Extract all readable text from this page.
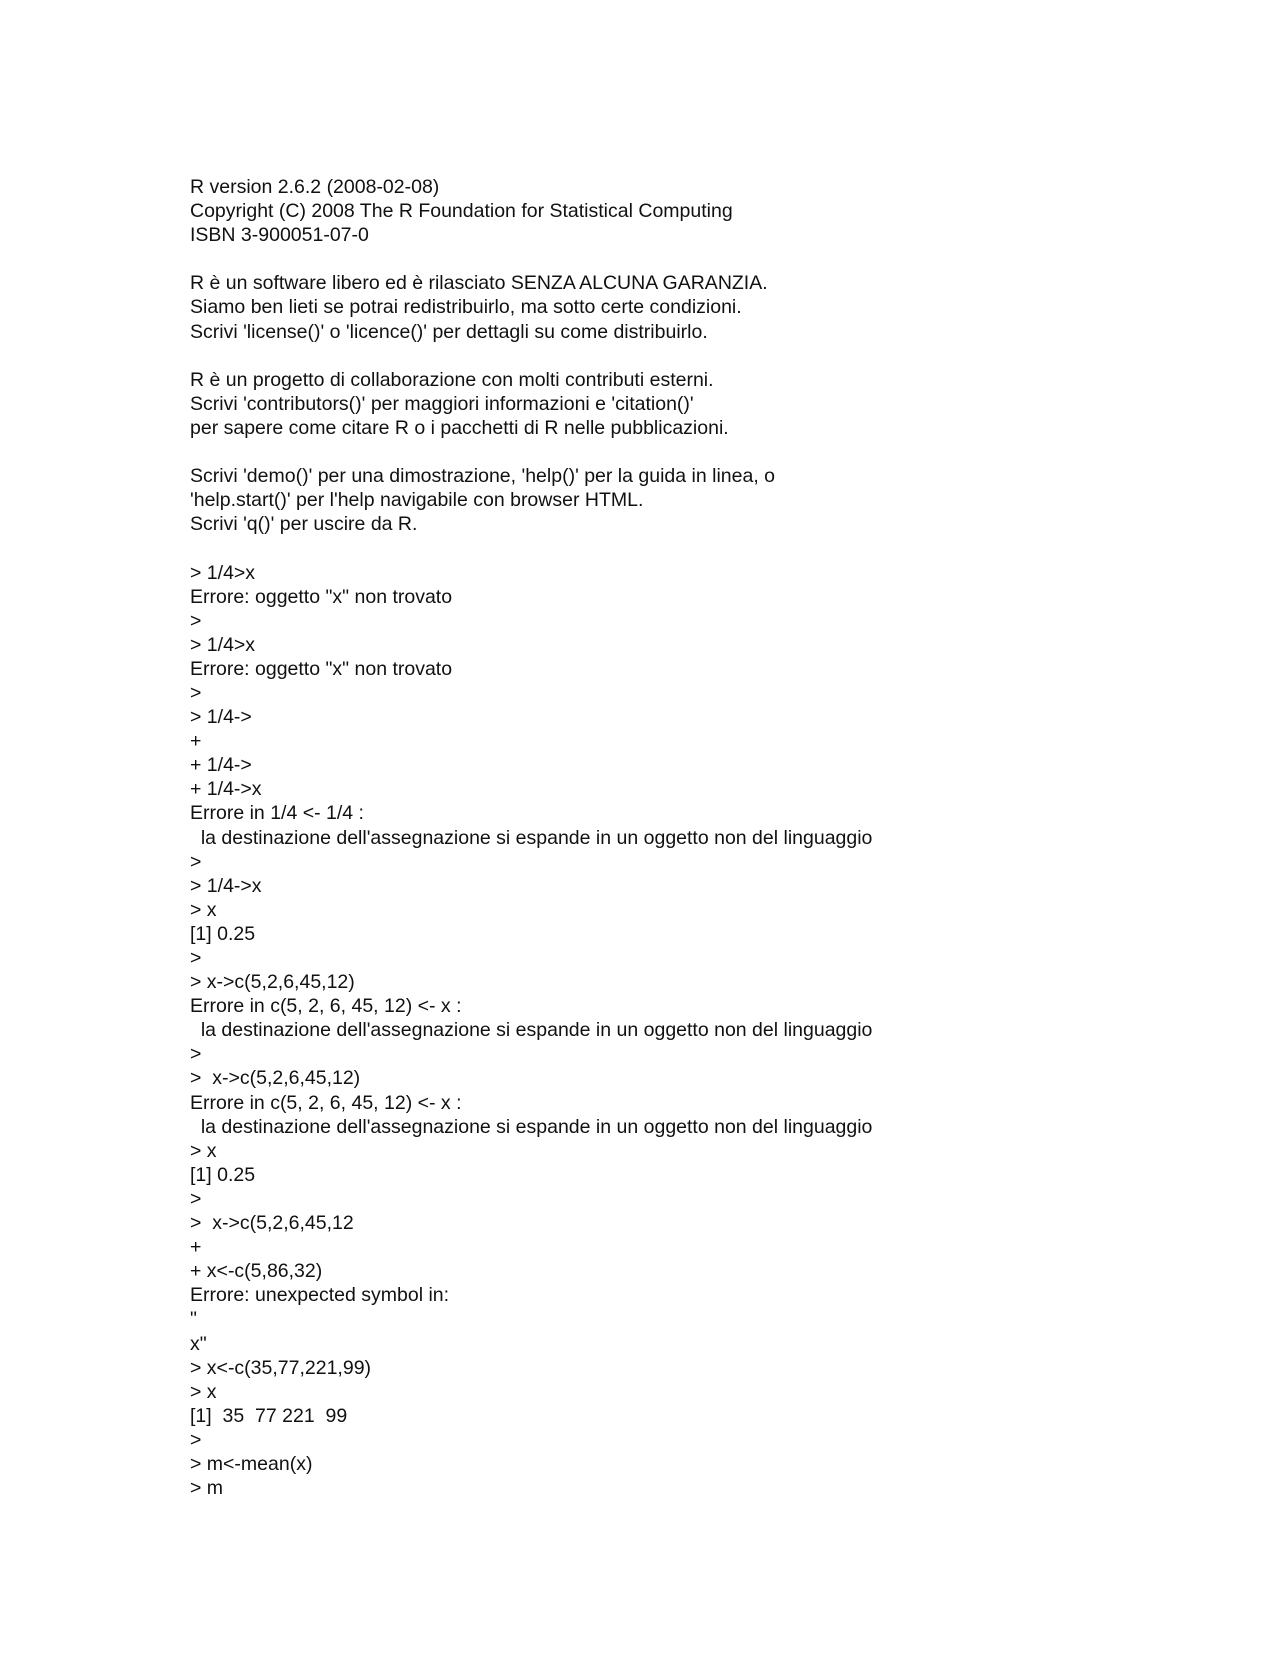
R version 2.6.2 (2008-02-08)
Copyright (C) 2008 The R Foundation for Statistical Computing
ISBN 3-900051-07-0
R è un software libero ed è rilasciato SENZA ALCUNA GARANZIA.
Siamo ben lieti se potrai redistribuirlo, ma sotto certe condizioni.
Scrivi 'license()' o 'licence()' per dettagli su come distribuirlo.
R è un progetto di collaborazione con molti contributi esterni.
Scrivi 'contributors()' per maggiori informazioni e 'citation()'
per sapere come citare R o i pacchetti di R nelle pubblicazioni.
Scrivi 'demo()' per una dimostrazione, 'help()' per la guida in linea, o
'help.start()' per l'help navigabile con browser HTML.
Scrivi 'q()' per uscire da R.
> 1/4>x
Errore: oggetto "x" non trovato
>
> 1/4>x
Errore: oggetto "x" non trovato
>
> 1/4->
+
+ 1/4->
+ 1/4->x
Errore in 1/4 <- 1/4 :
la destinazione dell'assegnazione si espande in un oggetto non del linguaggio
>
> 1/4->x
> x
[1] 0.25
>
> x->c(5,2,6,45,12)
Errore in c(5, 2, 6, 45, 12) <- x :
la destinazione dell'assegnazione si espande in un oggetto non del linguaggio
>
>  x->c(5,2,6,45,12)
Errore in c(5, 2, 6, 45, 12) <- x :
la destinazione dell'assegnazione si espande in un oggetto non del linguaggio
> x
[1] 0.25
>
>  x->c(5,2,6,45,12
+
+ x<-c(5,86,32)
Errore: unexpected symbol in:
"
x"
> x<-c(35,77,221,99)
> x
[1]  35  77 221  99
>
> m<-mean(x)
> m
